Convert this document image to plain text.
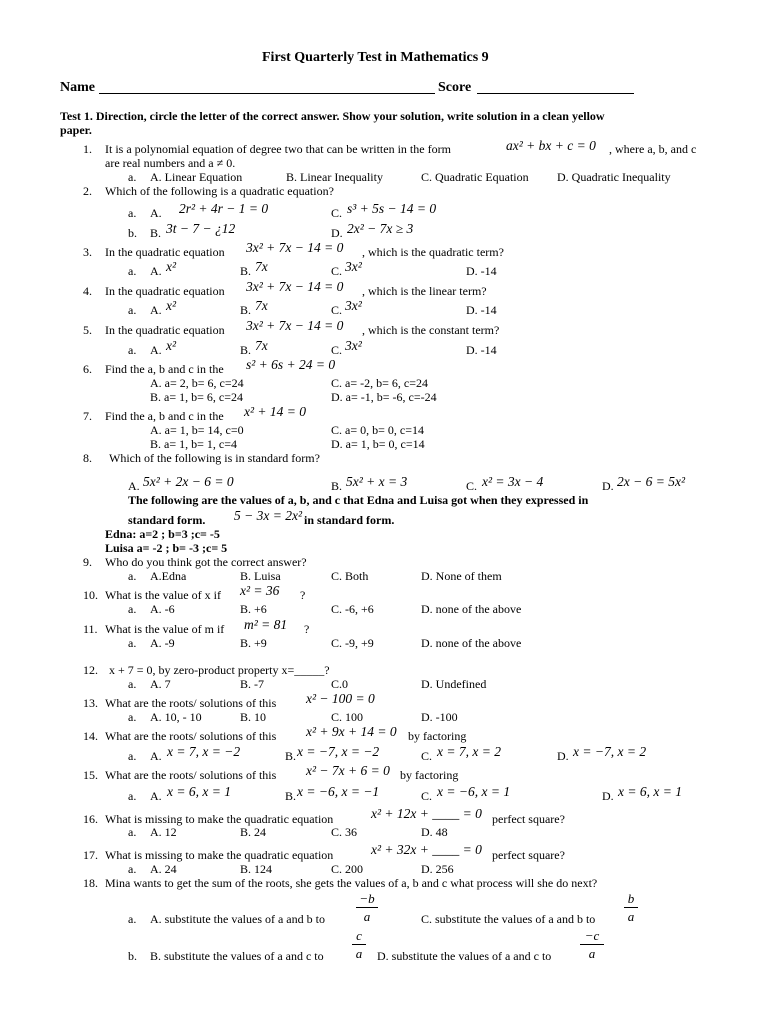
First Quarterly Test in Mathematics 9
Name	Score
Test 1. Direction, circle the letter of the correct answer. Show your solution, write solution in a clean yellow
paper.
1. It is a polynomial equation of degree two that can be written in the form	ax² + bx + c = 0 , where a, b, and c
are real numbers and a ≠ 0.
a. A. Linear Equation	B. Linear Inequality	C. Quadratic Equation D. Quadratic Inequality
2. Which of the following is a quadratic equation?
a. A. 2r² + 4r − 1 = 0	C. s³ + 5s − 14 = 0
b. B. 3t − 7 − ¿12	D. 2x² − 7x ≥ 3
3. In the quadratic equation 3x² + 7x − 14 = 0 , which is the quadratic term?
a. A. x²	B. 7x	C. 3x²	D. -14
4. In the quadratic equation 3x² + 7x − 14 = 0 , which is the linear term?
a. A. x²	B. 7x	C. 3x²	D. -14
5. In the quadratic equation 3x² + 7x − 14 = 0 , which is the constant term?
a. A. x²	B. 7x	C. 3x²	D. -14
6. Find the a, b and c in the s² + 6s + 24 = 0
A. a= 2, b= 6, c=24	C. a= -2, b= 6, c=24
B. a= 1, b= 6, c=24	D. a= -1, b= -6, c=-24
7. Find the a, b and c in the x² + 14 = 0
A. a= 1, b= 14, c=0	C. a= 0, b= 0, c=14
B. a= 1, b= 1, c=4	D. a= 1, b= 0, c=14
8. Which of the following is in standard form?
A. 5x² + 2x − 6 = 0	B. 5x² + x = 3	C. x² = 3x − 4	D. 2x − 6 = 5x²
The following are the values of a, b, and c that Edna and Luisa got when they expressed in
standard form. 5 − 3x = 2x² in standard form.
Edna: a=2 ; b=3 ;c= -5
Luisa a= -2 ; b= -3 ;c= 5
9. Who do you think got the correct answer?
a. A.Edna	B. Luisa	C. Both	D. None of them
10. What is the value of x if x² = 36 ?
a. A. -6	B. +6	C. -6, +6	D. none of the above
11. What is the value of m if m² = 81 ?
a. A. -9	B. +9	C. -9, +9	D. none of the above
12. x + 7 = 0, by zero-product property x=_____?
a. A. 7	B. -7	C.0	D. Undefined
13. What are the roots/ solutions of this x² − 100 = 0
a. A. 10, - 10	B. 10	C. 100	D. -100
14. What are the roots/ solutions of this x² + 9x + 14 = 0 by factoring
a. A. x = 7, x = −2	B. x = −7, x = −2	C. x = 7, x = 2	D. x = −7, x = 2
15. What are the roots/ solutions of this x² − 7x + 6 = 0 by factoring
a. A. x = 6, x = 1	B. x = −6, x = −1	C. x = −6, x = 1	D. x = 6, x = 1
16. What is missing to make the quadratic equation	x² + 12x + ____ = 0 perfect square?
a. A. 12	B. 24	C. 36	D. 48
17. What is missing to make the quadratic equation	x² + 32x + ____ = 0 perfect square?
a. A. 24	B. 124	C. 200	D. 256
18. Mina wants to get the sum of the roots, she gets the values of a, b and c what process will she do next?
a. A. substitute the values of a and b to
−b
a	C. substitute the values of a and b to
b
a
b. B. substitute the values of a and c to
c
a	D. substitute the values of a and c to
−c
a
